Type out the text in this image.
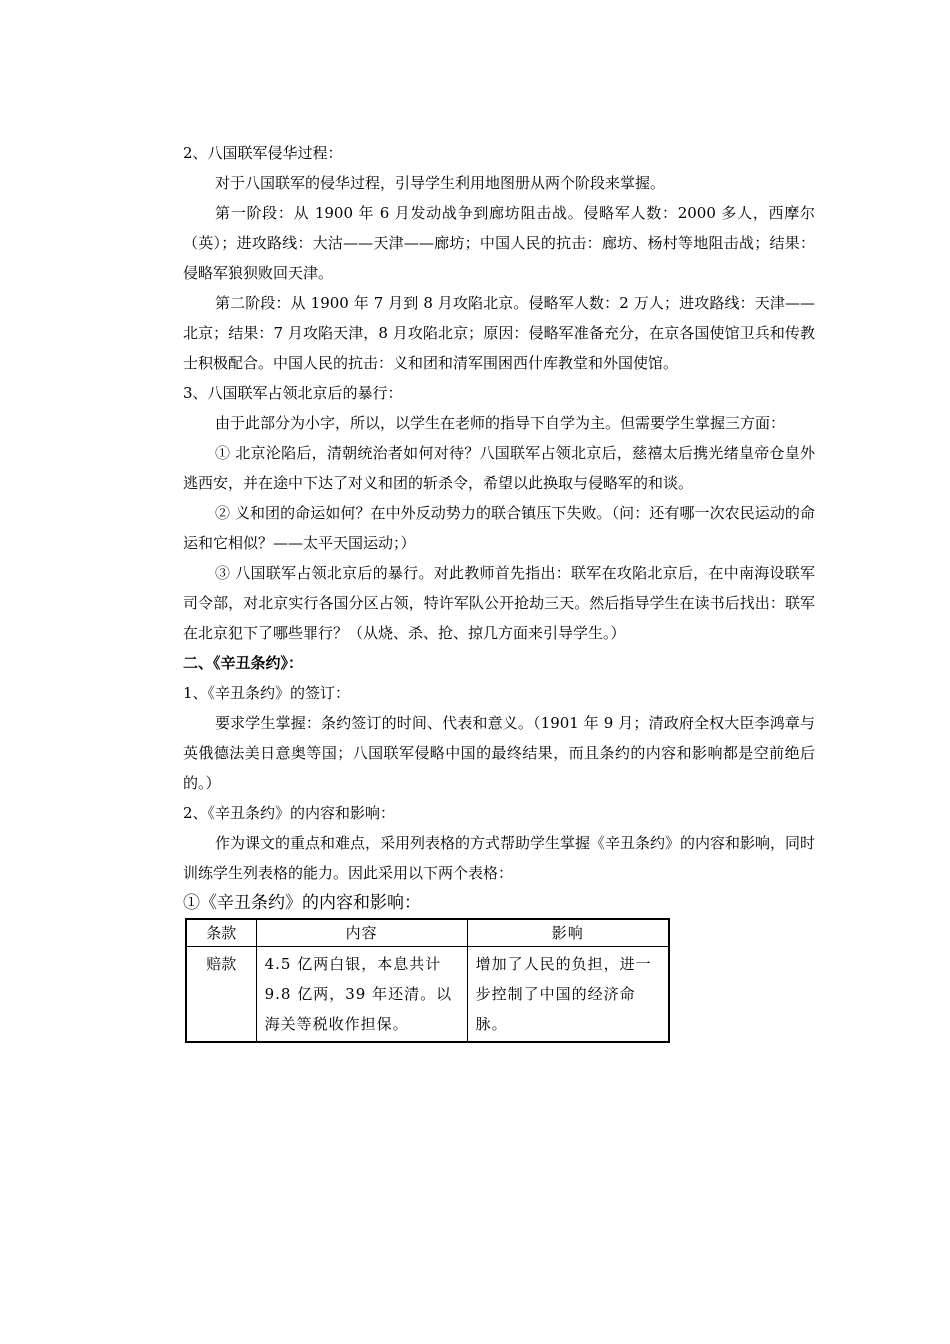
2、八国联军侵华过程：

对于八国联军的侵华过程，引导学生利用地图册从两个阶段来掌握。

第一阶段：从 1900 年 6 月发动战争到廊坊阻击战。侵略军人数：2000 多人，西摩尔（英）；进攻路线：大沽——天津——廊坊；中国人民的抗击：廊坊、杨村等地阻击战；结果：侵略军狼狈败回天津。

第二阶段：从 1900 年 7 月到 8 月攻陷北京。侵略军人数：2 万人；进攻路线：天津——北京；结果：7 月攻陷天津，8 月攻陷北京；原因：侵略军准备充分，在京各国使馆卫兵和传教士积极配合。中国人民的抗击：义和团和清军围困西什库教堂和外国使馆。

3、八国联军占领北京后的暴行：

由于此部分为小字，所以，以学生在老师的指导下自学为主。但需要学生掌握三方面：

① 北京沦陷后，清朝统治者如何对待？八国联军占领北京后，慈禧太后携光绪皇帝仓皇外逃西安，并在途中下达了对义和团的斩杀令，希望以此换取与侵略军的和谈。

② 义和团的命运如何？在中外反动势力的联合镇压下失败。（问：还有哪一次农民运动的命运和它相似？——太平天国运动；）

③ 八国联军占领北京后的暴行。对此教师首先指出：联军在攻陷北京后，在中南海设联军司令部，对北京实行各国分区占领，特许军队公开抢劫三天。然后指导学生在读书后找出：联军在北京犯下了哪些罪行？（从烧、杀、抢、掠几方面来引导学生。）

二、《辛丑条约》：

1、《辛丑条约》的签订：

要求学生掌握：条约签订的时间、代表和意义。（1901 年 9 月；清政府全权大臣李鸿章与英俄德法美日意奥等国；八国联军侵略中国的最终结果，而且条约的内容和影响都是空前绝后的。）

2、《辛丑条约》的内容和影响：

作为课文的重点和难点，采用列表格的方式帮助学生掌握《辛丑条约》的内容和影响，同时训练学生列表格的能力。因此采用以下两个表格：

①《辛丑条约》的内容和影响：

条款	内容	影响
赔款	4.5 亿两白银，本息共计 9.8 亿两，39 年还清。以海关等税收作担保。	增加了人民的负担，进一步控制了中国的经济命脉。
